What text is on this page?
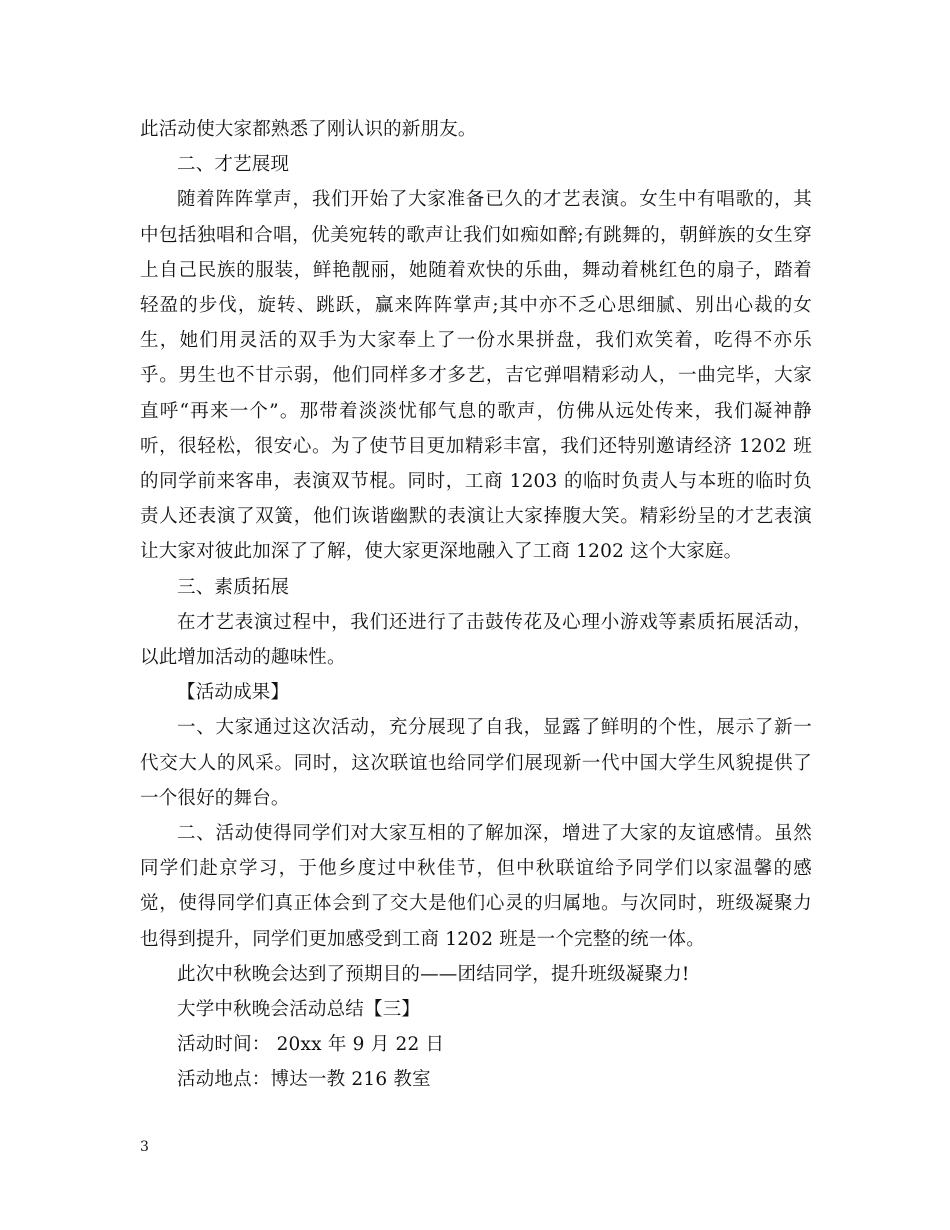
此活动使大家都熟悉了刚认识的新朋友。

二、才艺展现

随着阵阵掌声，我们开始了大家准备已久的才艺表演。女生中有唱歌的，其中包括独唱和合唱，优美宛转的歌声让我们如痴如醉;有跳舞的，朝鲜族的女生穿上自己民族的服装，鲜艳靓丽，她随着欢快的乐曲，舞动着桃红色的扇子，踏着轻盈的步伐，旋转、跳跃，赢来阵阵掌声;其中亦不乏心思细腻、别出心裁的女生，她们用灵活的双手为大家奉上了一份水果拼盘，我们欢笑着，吃得不亦乐乎。男生也不甘示弱，他们同样多才多艺，吉它弹唱精彩动人，一曲完毕，大家直呼“再来一个”。那带着淡淡忧郁气息的歌声，仿佛从远处传来，我们凝神静听，很轻松，很安心。为了使节目更加精彩丰富，我们还特别邀请经济 1202 班的同学前来客串，表演双节棍。同时，工商 1203 的临时负责人与本班的临时负责人还表演了双簧，他们诙谐幽默的表演让大家捧腹大笑。精彩纷呈的才艺表演让大家对彼此加深了了解，使大家更深地融入了工商 1202 这个大家庭。

三、素质拓展

在才艺表演过程中，我们还进行了击鼓传花及心理小游戏等素质拓展活动，以此增加活动的趣味性。

【活动成果】

一、大家通过这次活动，充分展现了自我，显露了鲜明的个性，展示了新一代交大人的风采。同时，这次联谊也给同学们展现新一代中国大学生风貌提供了一个很好的舞台。

二、活动使得同学们对大家互相的了解加深，增进了大家的友谊感情。虽然同学们赴京学习，于他乡度过中秋佳节，但中秋联谊给予同学们以家温馨的感觉，使得同学们真正体会到了交大是他们心灵的归属地。与次同时，班级凝聚力也得到提升，同学们更加感受到工商 1202 班是一个完整的统一体。

此次中秋晚会达到了预期目的——团结同学，提升班级凝聚力!

大学中秋晚会活动总结【三】

活动时间： 20xx 年 9 月 22 日

活动地点：博达一教 216 教室

3
